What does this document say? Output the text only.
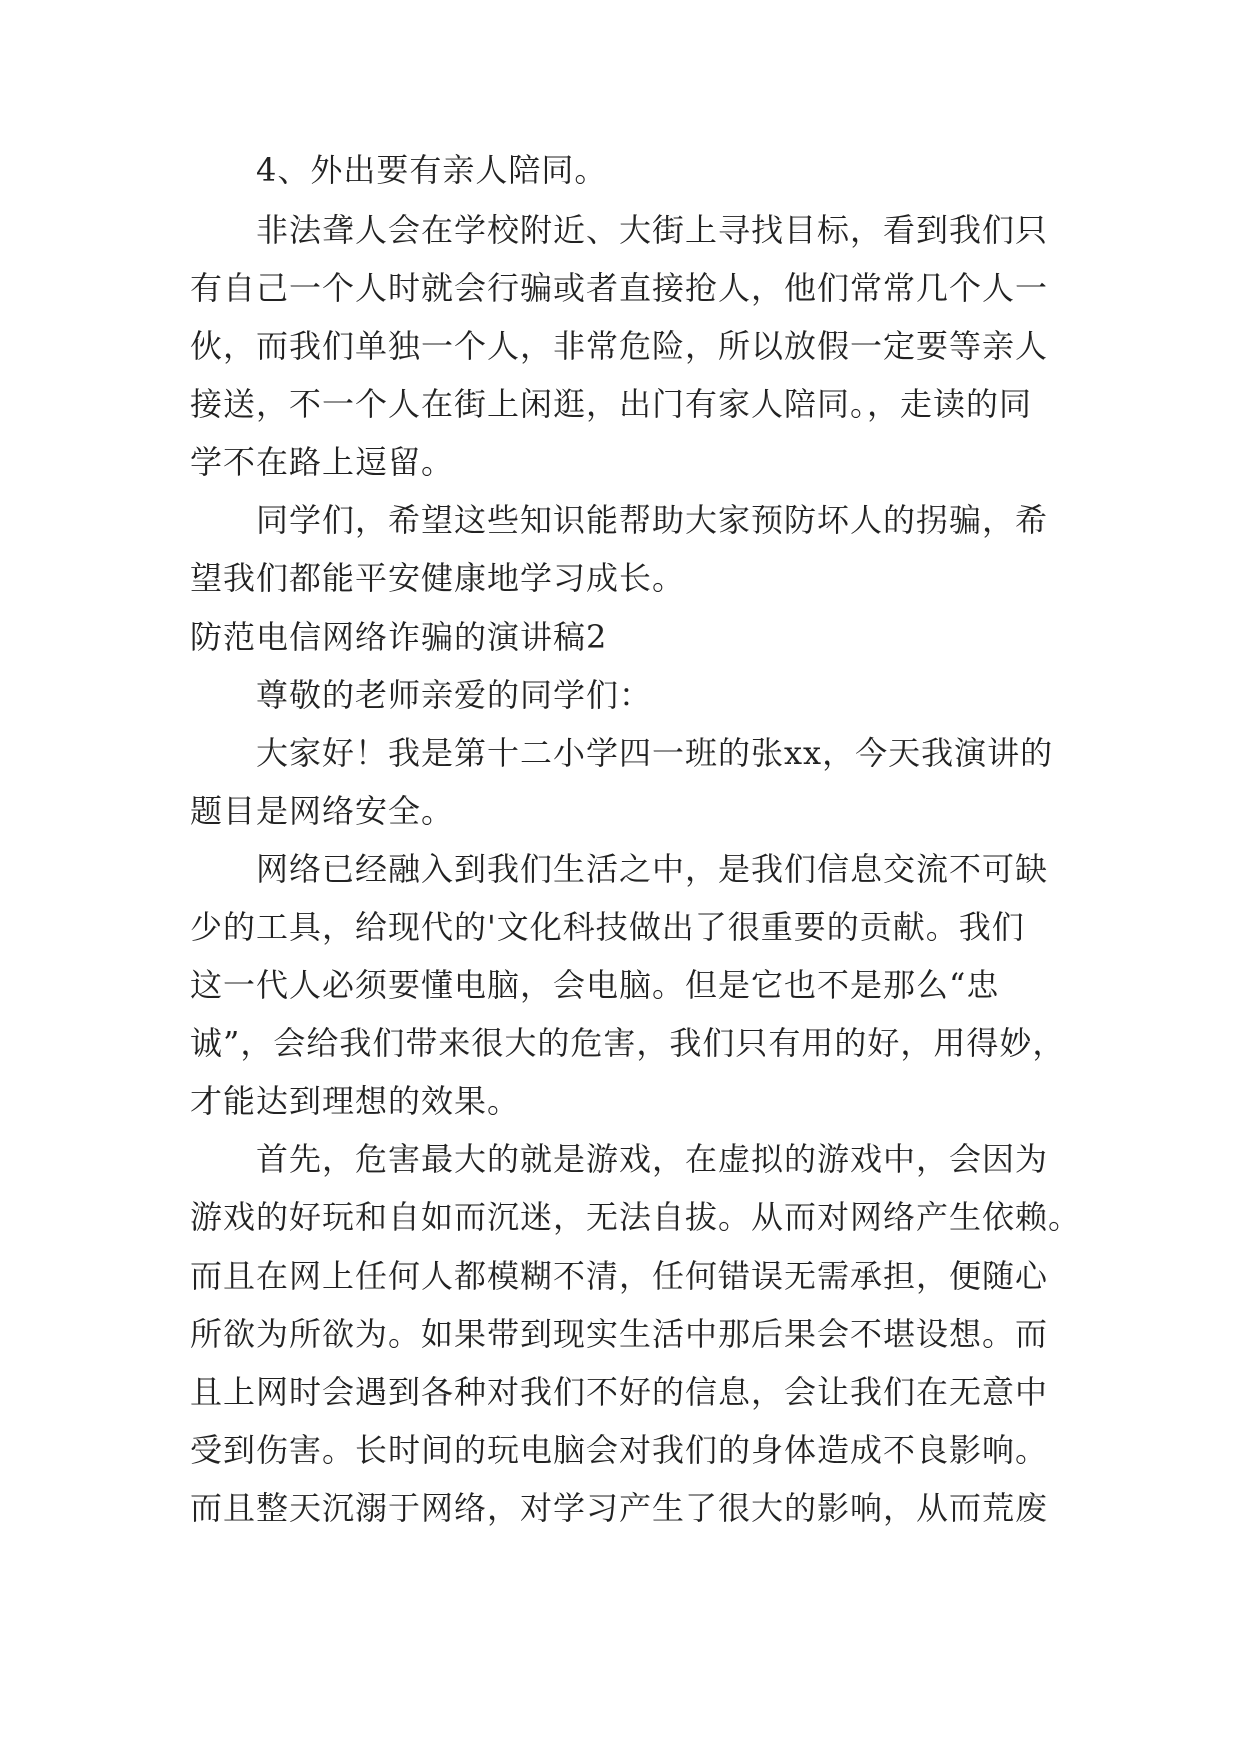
4、外出要有亲人陪同。
非法聋人会在学校附近、大街上寻找目标，看到我们只
有自己一个人时就会行骗或者直接抢人，他们常常几个人一
伙，而我们单独一个人，非常危险，所以放假一定要等亲人
接送，不一个人在街上闲逛，出门有家人陪同。，走读的同
学不在路上逗留。
同学们，希望这些知识能帮助大家预防坏人的拐骗，希
望我们都能平安健康地学习成长。
防范电信网络诈骗的演讲稿2
尊敬的老师亲爱的同学们：
大家好！我是第十二小学四一班的张xx，今天我演讲的
题目是网络安全。
网络已经融入到我们生活之中，是我们信息交流不可缺
少的工具，给现代的'文化科技做出了很重要的贡献。我们
这一代人必须要懂电脑，会电脑。但是它也不是那么“忠
诚”，会给我们带来很大的危害，我们只有用的好，用得妙，
才能达到理想的效果。
首先，危害最大的就是游戏，在虚拟的游戏中，会因为
游戏的好玩和自如而沉迷，无法自拔。从而对网络产生依赖。
而且在网上任何人都模糊不清，任何错误无需承担，便随心
所欲为所欲为。如果带到现实生活中那后果会不堪设想。而
且上网时会遇到各种对我们不好的信息，会让我们在无意中
受到伤害。长时间的玩电脑会对我们的身体造成不良影响。
而且整天沉溺于网络，对学习产生了很大的影响，从而荒废
